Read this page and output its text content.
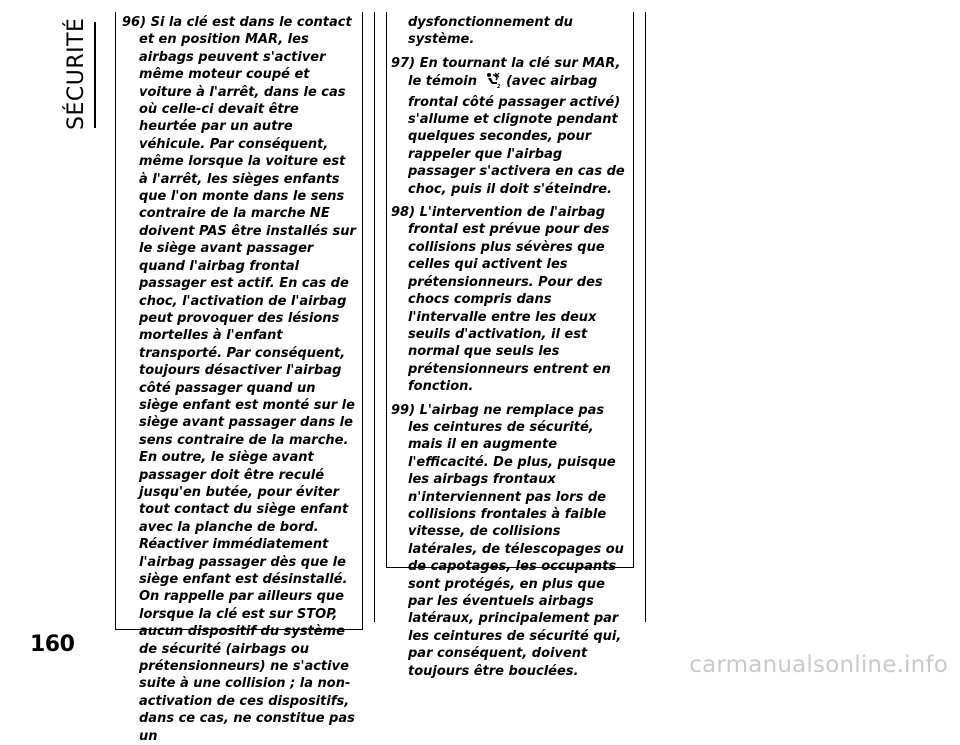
SÉCURITÉ	96) Si la clé est dans le contact et en position MAR, les airbags peuvent s'activer même moteur coupé et voiture à l'arrêt, dans le cas où celle-ci devait être heurtée par un autre véhicule. Par conséquent, même lorsque la voiture est à l'arrêt, les sièges enfants que l'on monte dans le sens contraire de la marche NE doivent PAS être installés sur le siège avant passager quand l'airbag frontal passager est actif. En cas de choc, l'activation de l'airbag peut provoquer des lésions mortelles à l'enfant transporté. Par conséquent, toujours désactiver l'airbag côté passager quand un siège enfant est monté sur le siège avant passager dans le sens contraire de la marche. En outre, le siège avant passager doit être reculé jusqu'en butée, pour éviter tout contact du siège enfant avec la planche de bord. Réactiver immédiatement l'airbag passager dès que le siège enfant est désinstallé. On rappelle par ailleurs que lorsque la clé est sur STOP, aucun dispositif du système de sécurité (airbags ou prétensionneurs) ne s'active suite à une collision ; la non-activation de ces dispositifs, dans ce cas, ne constitue pas un
dysfonctionnement du système.
97) En tournant la clé sur MAR, le témoin	2 (avec airbag frontal côté passager activé) s'allume et clignote pendant quelques secondes, pour rappeler que l'airbag passager s'activera en cas de choc, puis il doit s'éteindre.
98) L'intervention de l'airbag frontal est prévue pour des collisions plus sévères que celles qui activent les prétensionneurs. Pour des chocs compris dans l'intervalle entre les deux seuils d'activation, il est normal que seuls les prétensionneurs entrent en fonction.
99) L'airbag ne remplace pas les ceintures de sécurité, mais il en augmente l'efficacité. De plus, puisque les airbags frontaux n'interviennent pas lors de collisions frontales à faible vitesse, de collisions latérales, de télescopages ou de capotages, les occupants sont protégés, en plus que par les éventuels airbags latéraux, principalement par les ceintures de sécurité qui, par conséquent, doivent toujours être bouclées.
160
carmanualsonline.info
